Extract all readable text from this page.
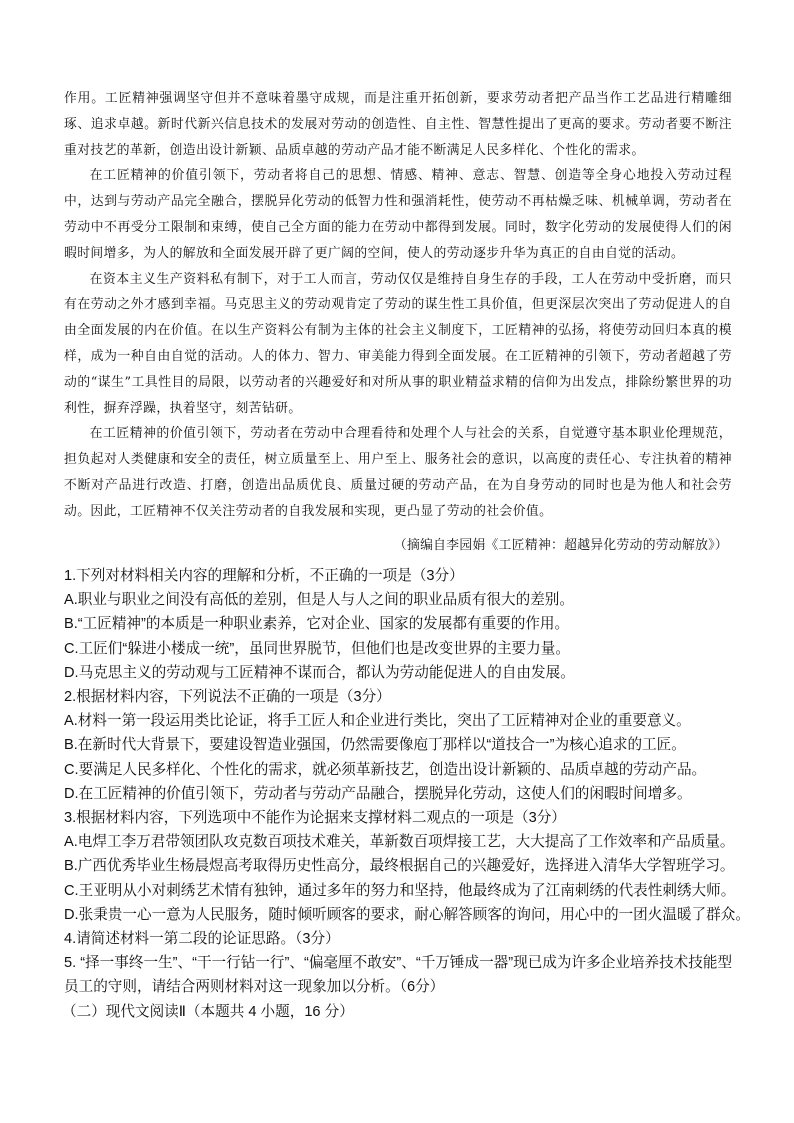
作用。工匠精神强调坚守但并不意味着墨守成规，而是注重开拓创新，要求劳动者把产品当作工艺品进行精雕细琢、追求卓越。新时代新兴信息技术的发展对劳动的创造性、自主性、智慧性提出了更高的要求。劳动者要不断注重对技艺的革新，创造出设计新颖、品质卓越的劳动产品才能不断满足人民多样化、个性化的需求。

在工匠精神的价值引领下，劳动者将自己的思想、情感、精神、意志、智慧、创造等全身心地投入劳动过程中，达到与劳动产品完全融合，摆脱异化劳动的低智力性和强消耗性，使劳动不再枯燥乏味、机械单调，劳动者在劳动中不再受分工限制和束缚，使自己全方面的能力在劳动中都得到发展。同时，数字化劳动的发展使得人们的闲暇时间增多，为人的解放和全面发展开辟了更广阔的空间，使人的劳动逐步升华为真正的自由自觉的活动。

在资本主义生产资料私有制下，对于工人而言，劳动仅仅是维持自身生存的手段，工人在劳动中受折磨，而只有在劳动之外才感到幸福。马克思主义的劳动观肯定了劳动的谋生性工具价值，但更深层次突出了劳动促进人的自由全面发展的内在价值。在以生产资料公有制为主体的社会主义制度下，工匠精神的弘扬，将使劳动回归本真的模样，成为一种自由自觉的活动。人的体力、智力、审美能力得到全面发展。在工匠精神的引领下，劳动者超越了劳动的“谋生”工具性目的局限，以劳动者的兴趣爱好和对所从事的职业精益求精的信仰为出发点，排除纷繁世界的功利性，摒弃浮躁，执着坚守，刻苦钻研。

在工匠精神的价值引领下，劳动者在劳动中合理看待和处理个人与社会的关系，自觉遵守基本职业伦理规范，担负起对人类健康和安全的责任，树立质量至上、用户至上、服务社会的意识，以高度的责任心、专注执着的精神不断对产品进行改造、打磨，创造出品质优良、质量过硬的劳动产品，在为自身劳动的同时也是为他人和社会劳动。因此，工匠精神不仅关注劳动者的自我发展和实现，更凸显了劳动的社会价值。

（摘编自李园娟《工匠精神：超越异化劳动的劳动解放》）
1.下列对材料相关内容的理解和分析，不正确的一项是（3分）
A.职业与职业之间没有高低的差别，但是人与人之间的职业品质有很大的差别。
B.“工匠精神”的本质是一种职业素养，它对企业、国家的发展都有重要的作用。
C.工匠们“躲进小楼成一统”，虽同世界脱节，但他们也是改变世界的主要力量。
D.马克思主义的劳动观与工匠精神不谋而合，都认为劳动能促进人的自由发展。
2.根据材料内容，下列说法不正确的一项是（3分）
A.材料一第一段运用类比论证，将手工匠人和企业进行类比，突出了工匠精神对企业的重要意义。
B.在新时代大背景下，要建设智造业强国，仍然需要像庖丁那样以“道技合一”为核心追求的工匠。
C.要满足人民多样化、个性化的需求，就必须革新技艺，创造出设计新颖的、品质卓越的劳动产品。
D.在工匠精神的价值引领下，劳动者与劳动产品融合，摆脱异化劳动，这使人们的闲暇时间增多。
3.根据材料内容，下列选项中不能作为论据来支撑材料二观点的一项是（3分）
A.电焊工李万君带领团队攻克数百项技术难关，革新数百项焊接工艺，大大提高了工作效率和产品质量。
B.广西优秀毕业生杨晨煜高考取得历史性高分，最终根据自己的兴趣爱好，选择进入清华大学智班学习。
C.王亚明从小对刺绣艺术情有独钟，通过多年的努力和坚持，他最终成为了江南刺绣的代表性刺绣大师。
D.张秉贵一心一意为人民服务，随时倾听顾客的要求，耐心解答顾客的询问，用心中的一团火温暖了群众。
4.请简述材料一第二段的论证思路。（3分）
5. “择一事终一生”、“干一行钻一行”、“偏毫厘不敢安”、“千万锤成一器”现已成为许多企业培养技术技能型员工的守则，请结合两则材料对这一现象加以分析。（6分）
（二）现代文阅读Ⅱ（本题共 4 小题，16 分）
